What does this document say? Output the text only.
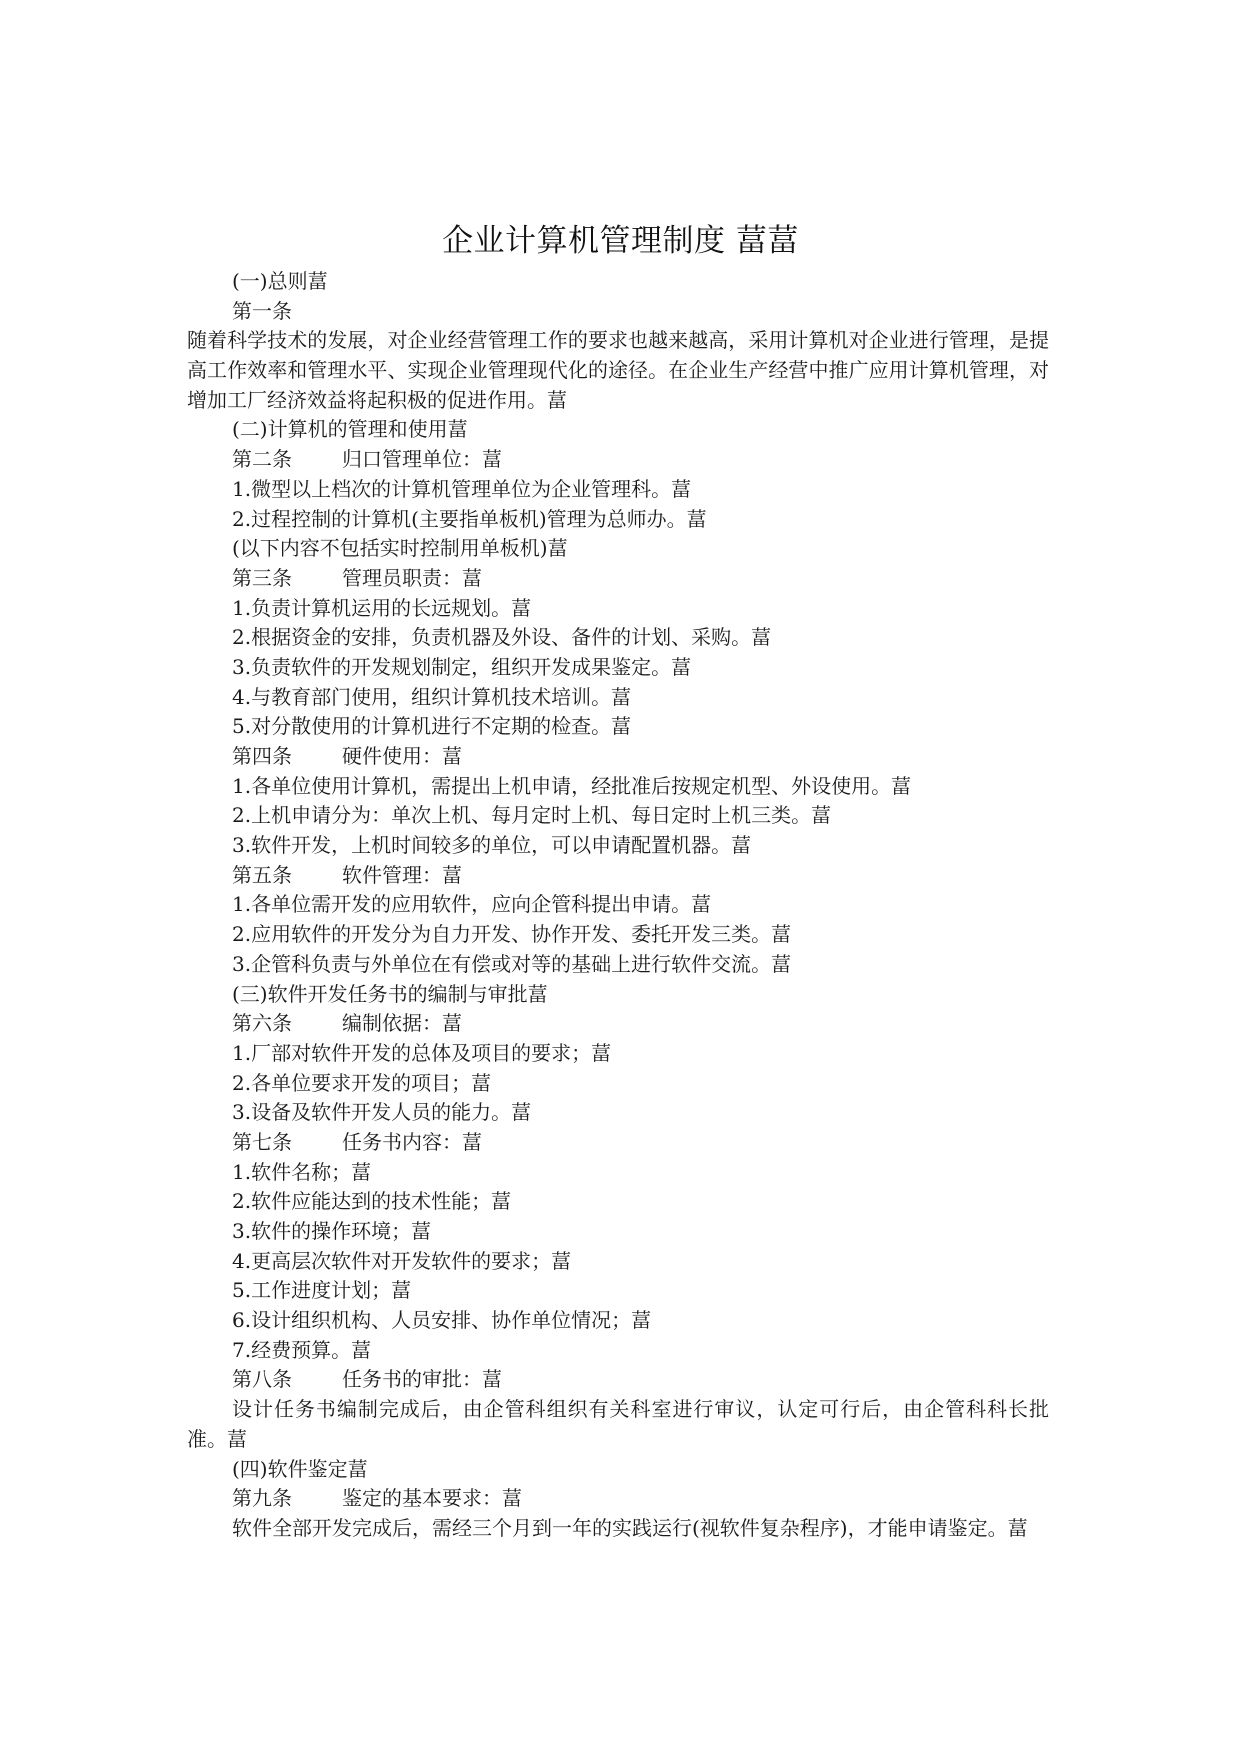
企业计算机管理制度 葍葍
(一)总则葍
第一条
随着科学技术的发展，对企业经营管理工作的要求也越来越高，采用计算机对企业进行管理，是提高工作效率和管理水平、实现企业管理现代化的途径。在企业生产经营中推广应用计算机管理，对增加工厂经济效益将起积极的促进作用。葍
(二)计算机的管理和使用葍
第二条	归口管理单位：葍
1.微型以上档次的计算机管理单位为企业管理科。葍
2.过程控制的计算机(主要指单板机)管理为总师办。葍
(以下内容不包括实时控制用单板机)葍
第三条	管理员职责：葍
1.负责计算机运用的长远规划。葍
2.根据资金的安排，负责机器及外设、备件的计划、采购。葍
3.负责软件的开发规划制定，组织开发成果鉴定。葍
4.与教育部门使用，组织计算机技术培训。葍
5.对分散使用的计算机进行不定期的检查。葍
第四条	硬件使用：葍
1.各单位使用计算机，需提出上机申请，经批准后按规定机型、外设使用。葍
2.上机申请分为：单次上机、每月定时上机、每日定时上机三类。葍
3.软件开发，上机时间较多的单位，可以申请配置机器。葍
第五条	软件管理：葍
1.各单位需开发的应用软件，应向企管科提出申请。葍
2.应用软件的开发分为自力开发、协作开发、委托开发三类。葍
3.企管科负责与外单位在有偿或对等的基础上进行软件交流。葍
(三)软件开发任务书的编制与审批葍
第六条	编制依据：葍
1.厂部对软件开发的总体及项目的要求；葍
2.各单位要求开发的项目；葍
3.设备及软件开发人员的能力。葍
第七条	任务书内容：葍
1.软件名称；葍
2.软件应能达到的技术性能；葍
3.软件的操作环境；葍
4.更高层次软件对开发软件的要求；葍
5.工作进度计划；葍
6.设计组织机构、人员安排、协作单位情况；葍
7.经费预算。葍
第八条	任务书的审批：葍
设计任务书编制完成后，由企管科组织有关科室进行审议，认定可行后，由企管科科长批准。葍
(四)软件鉴定葍
第九条	鉴定的基本要求：葍
软件全部开发完成后，需经三个月到一年的实践运行(视软件复杂程序)，才能申请鉴定。葍
